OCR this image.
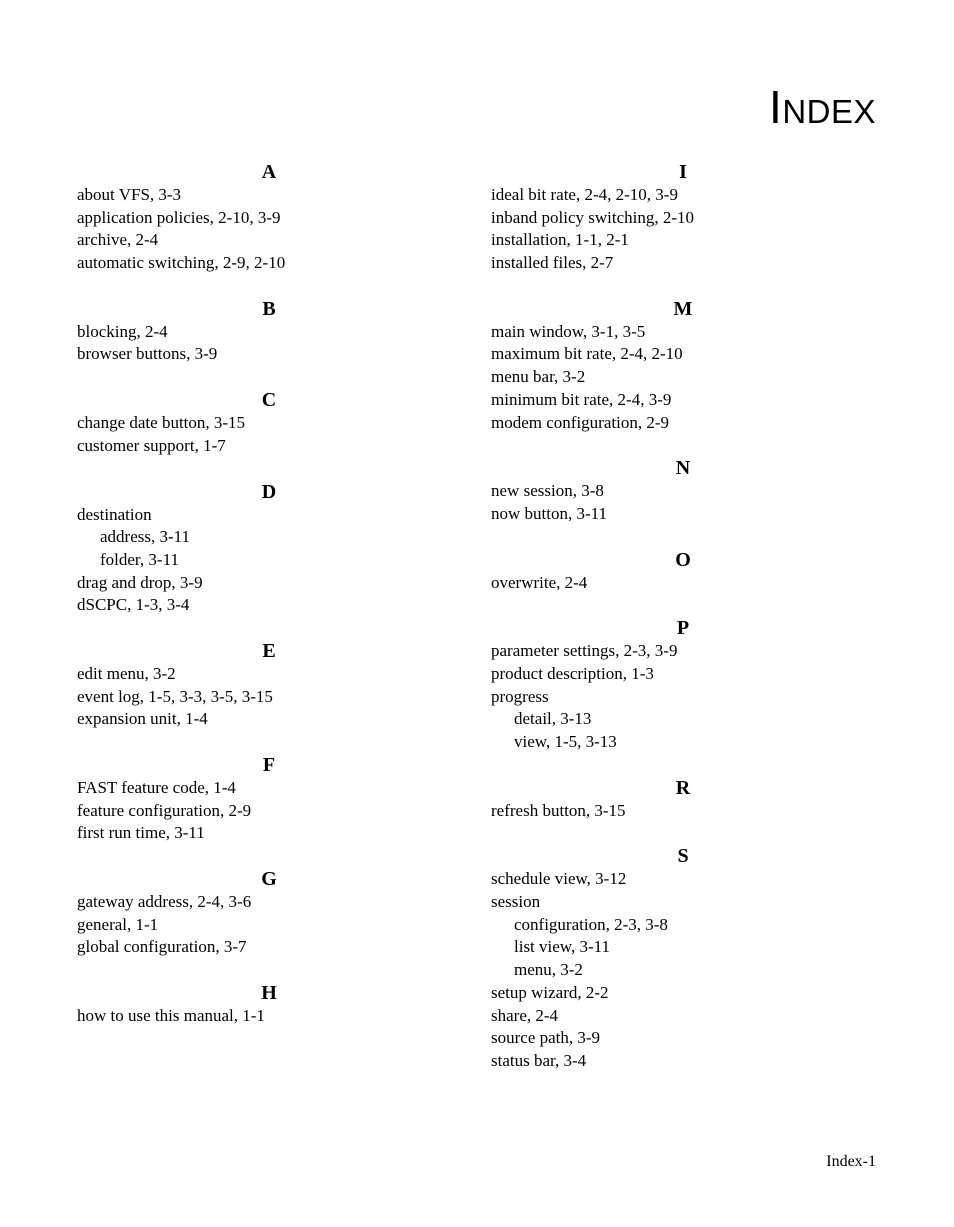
INDEX
A
about VFS, 3-3
application policies, 2-10, 3-9
archive, 2-4
automatic switching, 2-9, 2-10
B
blocking, 2-4
browser buttons, 3-9
C
change date button, 3-15
customer support, 1-7
D
destination
address, 3-11
folder, 3-11
drag and drop, 3-9
dSCPC, 1-3, 3-4
E
edit menu, 3-2
event log, 1-5, 3-3, 3-5, 3-15
expansion unit, 1-4
F
FAST feature code, 1-4
feature configuration, 2-9
first run time, 3-11
G
gateway address, 2-4, 3-6
general, 1-1
global configuration, 3-7
H
how to use this manual, 1-1
I
ideal bit rate, 2-4, 2-10, 3-9
inband policy switching, 2-10
installation, 1-1, 2-1
installed files, 2-7
M
main window, 3-1, 3-5
maximum bit rate, 2-4, 2-10
menu bar, 3-2
minimum bit rate, 2-4, 3-9
modem configuration, 2-9
N
new session, 3-8
now button, 3-11
O
overwrite, 2-4
P
parameter settings, 2-3, 3-9
product description, 1-3
progress
detail, 3-13
view, 1-5, 3-13
R
refresh button, 3-15
S
schedule view, 3-12
session
configuration, 2-3, 3-8
list view, 3-11
menu, 3-2
setup wizard, 2-2
share, 2-4
source path, 3-9
status bar, 3-4
Index-1
